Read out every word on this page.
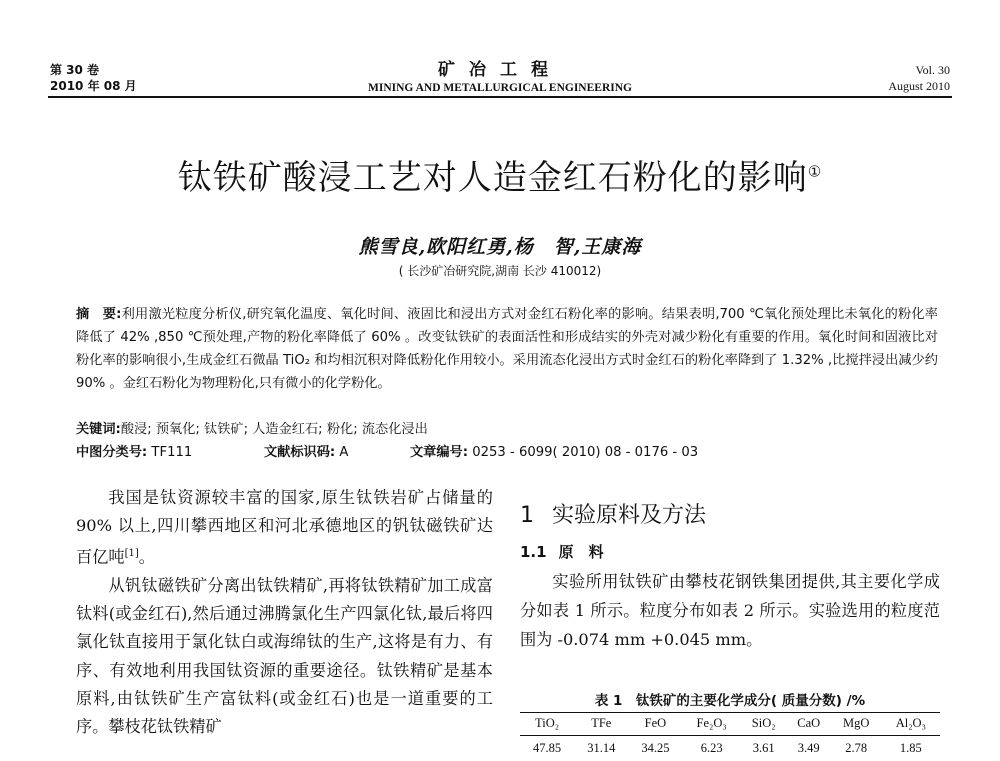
第 30 卷
2010 年 08 月
矿冶工程
MINING AND METALLURGICAL ENGINEERING
Vol. 30
August 2010
钛铁矿酸浸工艺对人造金红石粉化的影响①
熊雪良,欧阳红勇,杨　智,王康海
( 长沙矿冶研究院,湖南 长沙 410012)
摘　要:利用激光粒度分析仪,研究氧化温度、氧化时间、液固比和浸出方式对金红石粉化率的影响。结果表明,700 ℃氧化预处理比未氧化的粉化率降低了 42% ,850 ℃预处理,产物的粉化率降低了 60% 。改变钛铁矿的表面活性和形成结实的外壳对减少粉化有重要的作用。氧化时间和固液比对粉化率的影响很小,生成金红石微晶 TiO₂ 和均相沉积对降低粉化作用较小。采用流态化浸出方式时金红石的粉化率降到了 1.32% ,比搅拌浸出减少约 90% 。金红石粉化为物理粉化,只有微小的化学粉化。
关键词:酸浸; 预氧化; 钛铁矿; 人造金红石; 粉化; 流态化浸出
中图分类号: TF111	文献标识码: A	文章编号: 0253 - 6099( 2010) 08 - 0176 - 03

我国是钛资源较丰富的国家,原生钛铁岩矿占储量的 90% 以上,四川攀西地区和河北承德地区的钒钛磁铁矿达百亿吨[1]。

从钒钛磁铁矿分离出钛铁精矿,再将钛铁精矿加工成富钛料(或金红石),然后通过沸腾氯化生产四氯化钛,最后将四氯化钛直接用于氯化钛白或海绵钛的生产,这将是有力、有序、有效地利用我国钛资源的重要途径。钛铁精矿是基本原料,由钛铁矿生产富钛料(或金红石)也是一道重要的工序。攀枝花钛铁精矿

1 实验原料及方法
1.1 原　料

实验所用钛铁矿由攀枝花钢铁集团提供,其主要化学成分如表 1 所示。粒度分布如表 2 所示。实验选用的粒度范围为 -0.074 mm +0.045 mm。

表 1　钛铁矿的主要化学成分( 质量分数) /%
TiO₂	TFe	FeO	Fe₂O₃	SiO₂	CaO	MgO	Al₂O₃
47.85	31.14	34.25	6.23	3.61	3.49	2.78	1.85
